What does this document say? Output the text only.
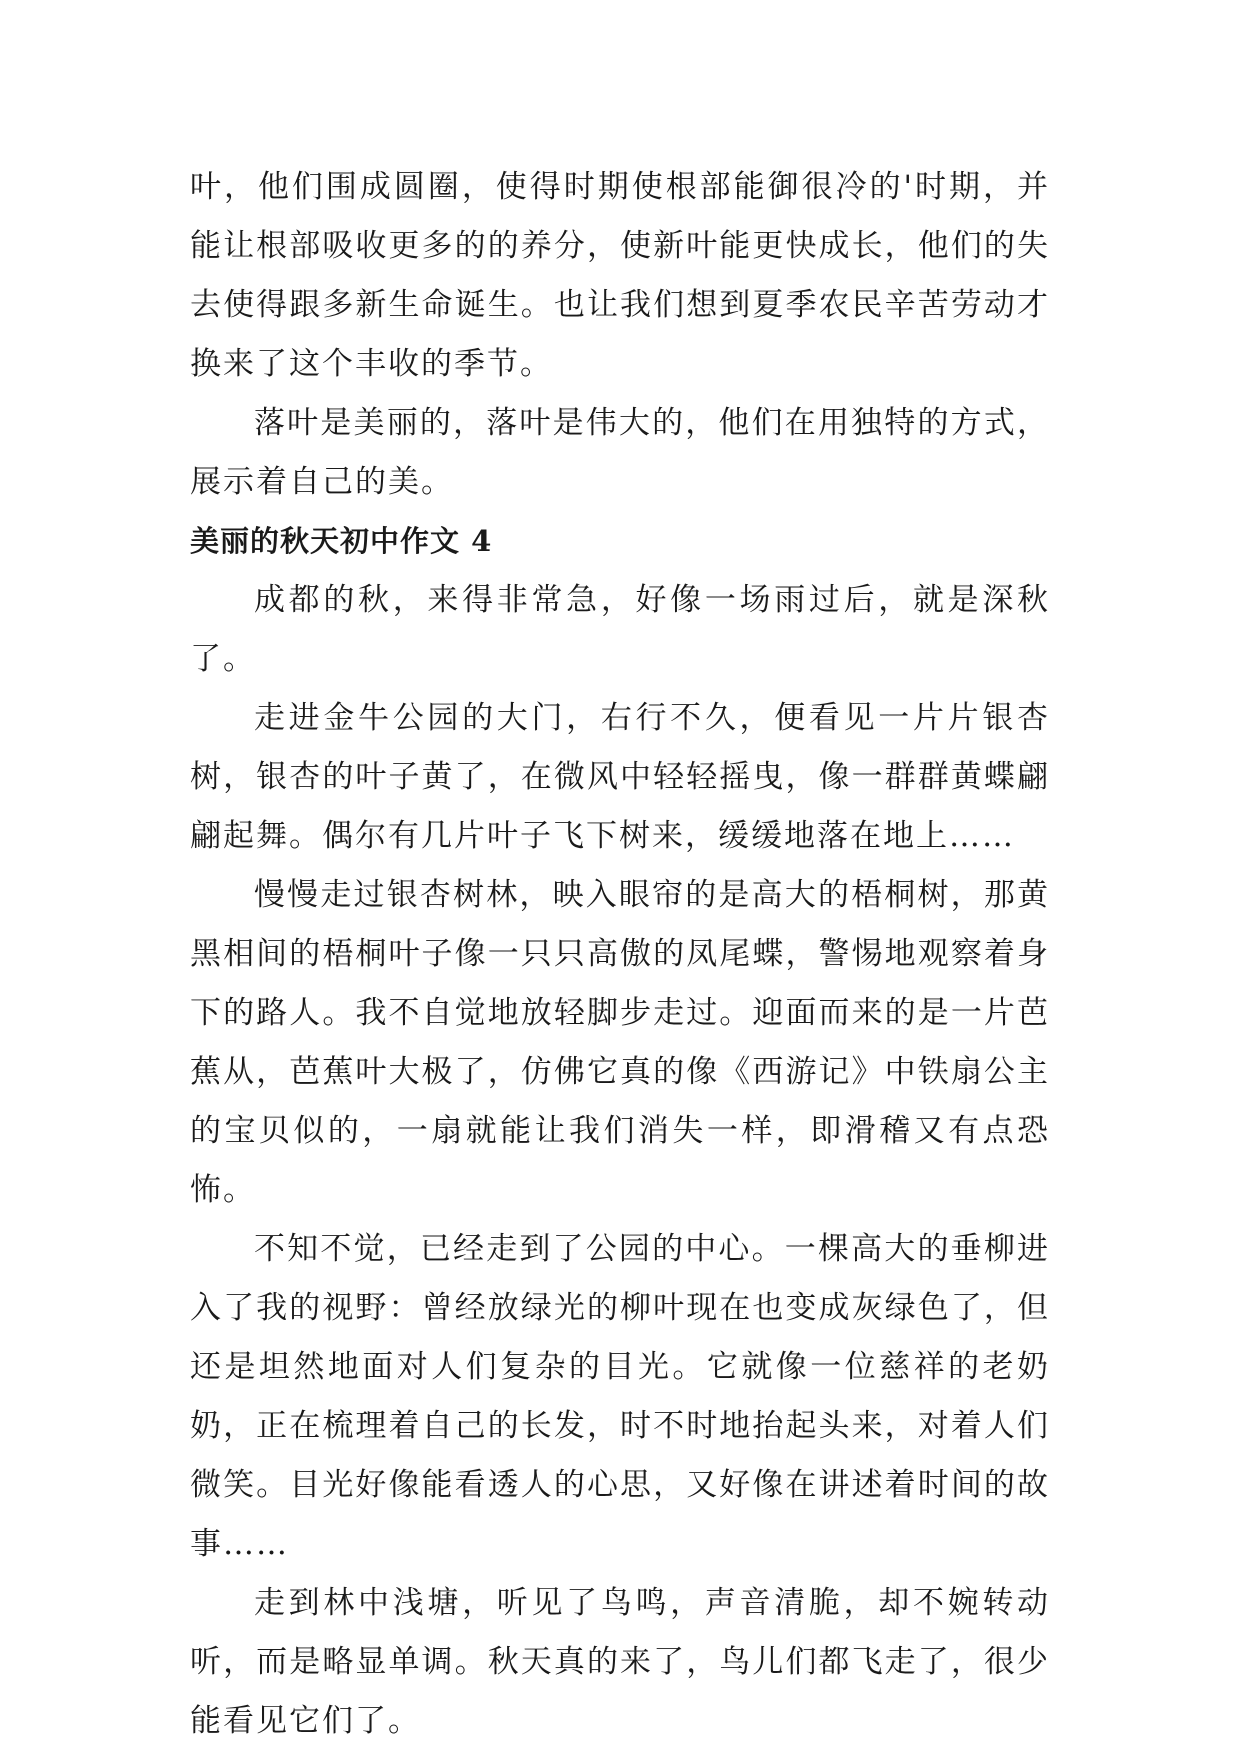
叶，他们围成圆圈，使得时期使根部能御很冷的'时期，并能让根部吸收更多的的养分，使新叶能更快成长，他们的失去使得跟多新生命诞生。也让我们想到夏季农民辛苦劳动才换来了这个丰收的季节。

落叶是美丽的，落叶是伟大的，他们在用独特的方式，展示着自己的美。

美丽的秋天初中作文 4

成都的秋，来得非常急，好像一场雨过后，就是深秋了。

走进金牛公园的大门，右行不久，便看见一片片银杏树，银杏的叶子黄了，在微风中轻轻摇曳，像一群群黄蝶翩翩起舞。偶尔有几片叶子飞下树来，缓缓地落在地上……

慢慢走过银杏树林，映入眼帘的是高大的梧桐树，那黄黑相间的梧桐叶子像一只只高傲的凤尾蝶，警惕地观察着身下的路人。我不自觉地放轻脚步走过。迎面而来的是一片芭蕉从，芭蕉叶大极了，仿佛它真的像《西游记》中铁扇公主的宝贝似的，一扇就能让我们消失一样，即滑稽又有点恐怖。

不知不觉，已经走到了公园的中心。一棵高大的垂柳进入了我的视野：曾经放绿光的柳叶现在也变成灰绿色了，但还是坦然地面对人们复杂的目光。它就像一位慈祥的老奶奶，正在梳理着自己的长发，时不时地抬起头来，对着人们微笑。目光好像能看透人的心思，又好像在讲述着时间的故事……

走到林中浅塘，听见了鸟鸣，声音清脆，却不婉转动听，而是略显单调。秋天真的来了，鸟儿们都飞走了，很少能看见它们了。
